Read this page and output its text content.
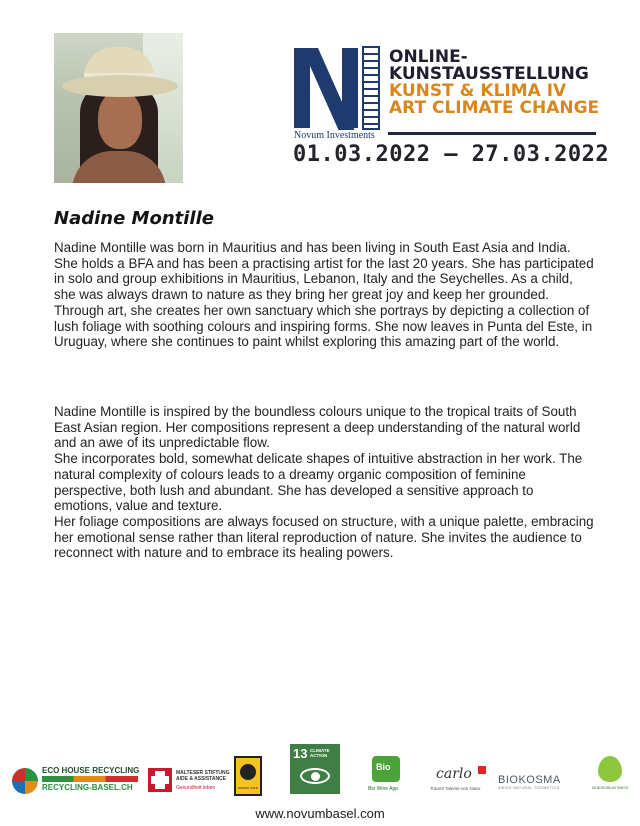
Novum Investments
ONLINE-
KUNSTAUSSTELLUNG
KUNST & KLIMA IV
ART CLIMATE CHANGE
01.03.2022 – 27.03.2022
Nadine Montille

Nadine Montille was born in Mauritius and has been living in South East Asia and India. She holds a BFA and has been a practising artist for the last 20 years. She has participated in solo and group exhibitions in Mauritius, Lebanon, Italy and the Seychelles. As a child, she was always drawn to nature as they bring her great joy and keep her grounded. Through art, she creates her own sanctuary which she portrays by depicting a collection of lush foliage with soothing colours and inspiring forms. She now leaves in Punta del Este, in Uruguay, where she continues to paint whilst exploring this amazing part of the world.

Nadine Montille is inspired by the boundless colours unique to the tropical traits of South East Asian region. Her compositions represent a deep understanding of the natural world and an awe of its unpredictable flow.

She incorporates bold, somewhat delicate shapes of intuitive abstraction in her work. The natural complexity of colours leads to a dreamy organic composition of feminine perspective, both lush and abundant. She has developed a sensitive approach to emotions, value and texture.

Her foliage compositions are always focused on structure, with a unique palette, embracing her emotional sense rather than literal reproduction of nature. She invites the audience to reconnect with nature and to embrace its healing powers.

ECO HOUSE RECYCLING
RECYCLING-BASEL.CH
MALTESER STIFTUNG
AIDE & ASSISTANCE
Gesundheit leben	SPHINX CAFE
13 CLIMATE ACTION
Bio
Bio Wine App
carlo
Traumt Talente von Natur
BIOKOSMA
SWISS NATURAL COSMETICS	DENDROBIUM SWISS
www.novumbasel.com
